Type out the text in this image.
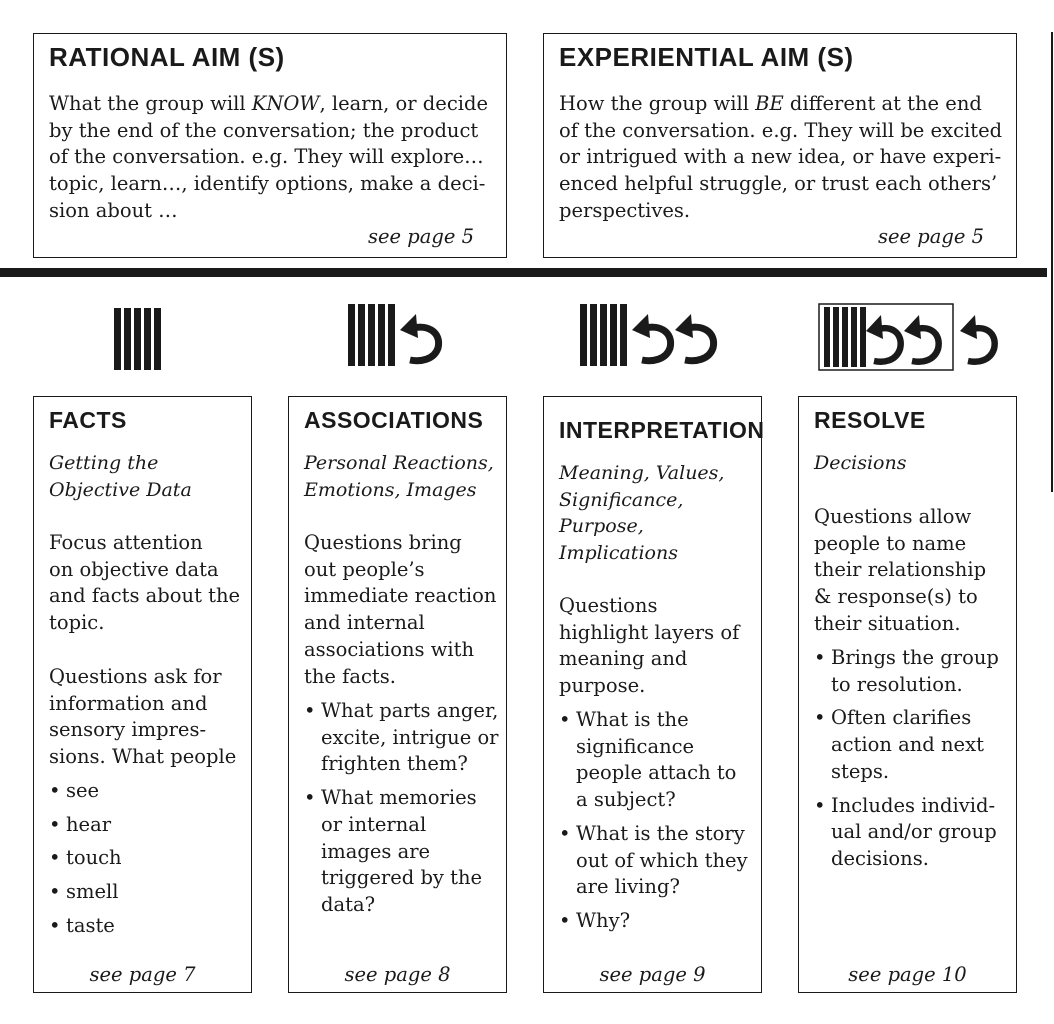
RATIONAL AIM (S)
What the group will KNOW, learn, or decide
by the end of the conversation; the product
of the conversation. e.g. They will explore…
topic, learn…, identify options, make a deci-
sion about …
see page 5
EXPERIENTIAL AIM (S)
How the group will BE different at the end
of the conversation. e.g. They will be excited
or intrigued with a new idea, or have experi-
enced helpful struggle, or trust each others’
perspectives.
see page 5
FACTS
Getting the
Objective Data
Focus attention
on objective data
and facts about the
topic.
Questions ask for
information and
sensory impres-
sions. What people
• see
• hear
• touch
• smell
• taste
see page 7
ASSOCIATIONS
Personal Reactions,
Emotions, Images
Questions bring
out people’s
immediate reaction
and internal
associations with
the facts.
• What parts anger,
excite, intrigue or
frighten them?
• What memories
or internal
images are
triggered by the
data?
see page 8
INTERPRETATION
Meaning, Values,
Significance,
Purpose,
Implications
Questions
highlight layers of
meaning and
purpose.
• What is the
significance
people attach to
a subject?
• What is the story
out of which they
are living?
• Why?
see page 9
RESOLVE
Decisions
Questions allow
people to name
their relationship
& response(s) to
their situation.
• Brings the group
to resolution.
• Often clarifies
action and next
steps.
• Includes individ-
ual and/or group
decisions.
see page 10
